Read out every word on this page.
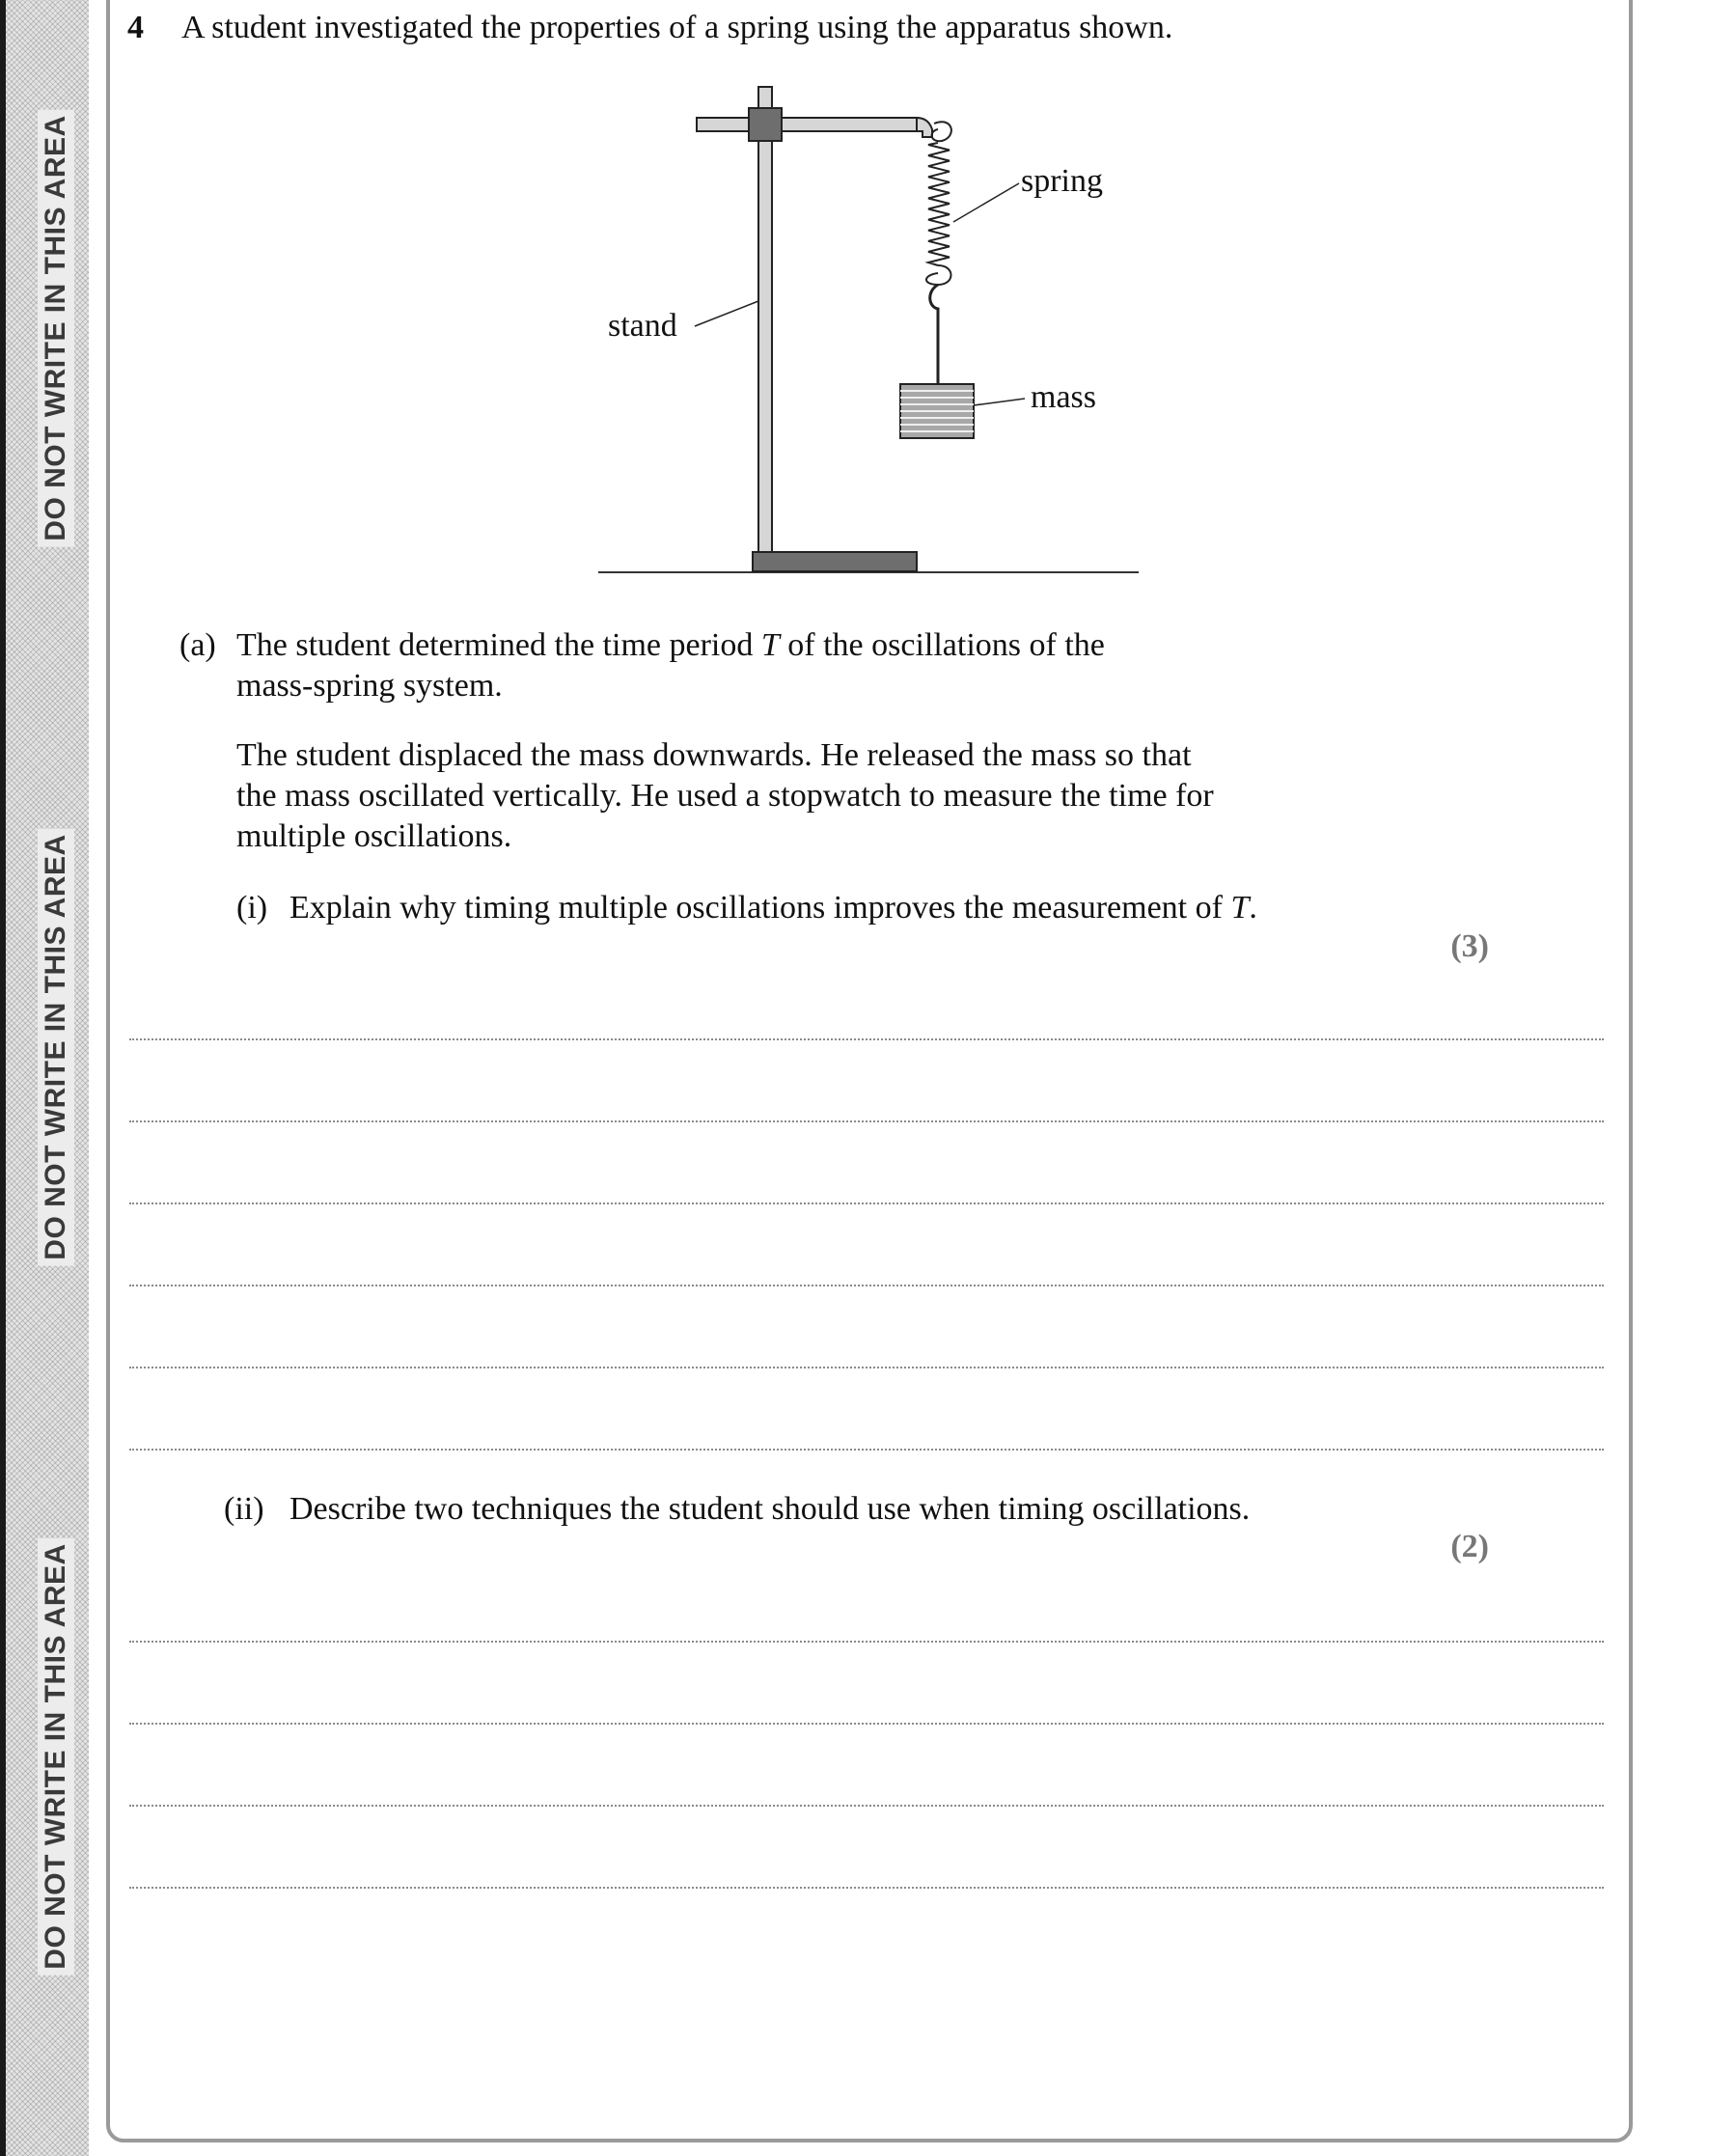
DO NOT WRITE IN THIS AREA
DO NOT WRITE IN THIS AREA
DO NOT WRITE IN THIS AREA
4 A student investigated the properties of a spring using the apparatus shown.
spring
stand
mass
(a) The student determined the time period T of the oscillations of the
mass-spring system.
The student displaced the mass downwards. He released the mass so that
the mass oscillated vertically. He used a stopwatch to measure the time for
multiple oscillations.
(i) Explain why timing multiple oscillations improves the measurement of T.
(3)
(ii) Describe two techniques the student should use when timing oscillations.
(2)
